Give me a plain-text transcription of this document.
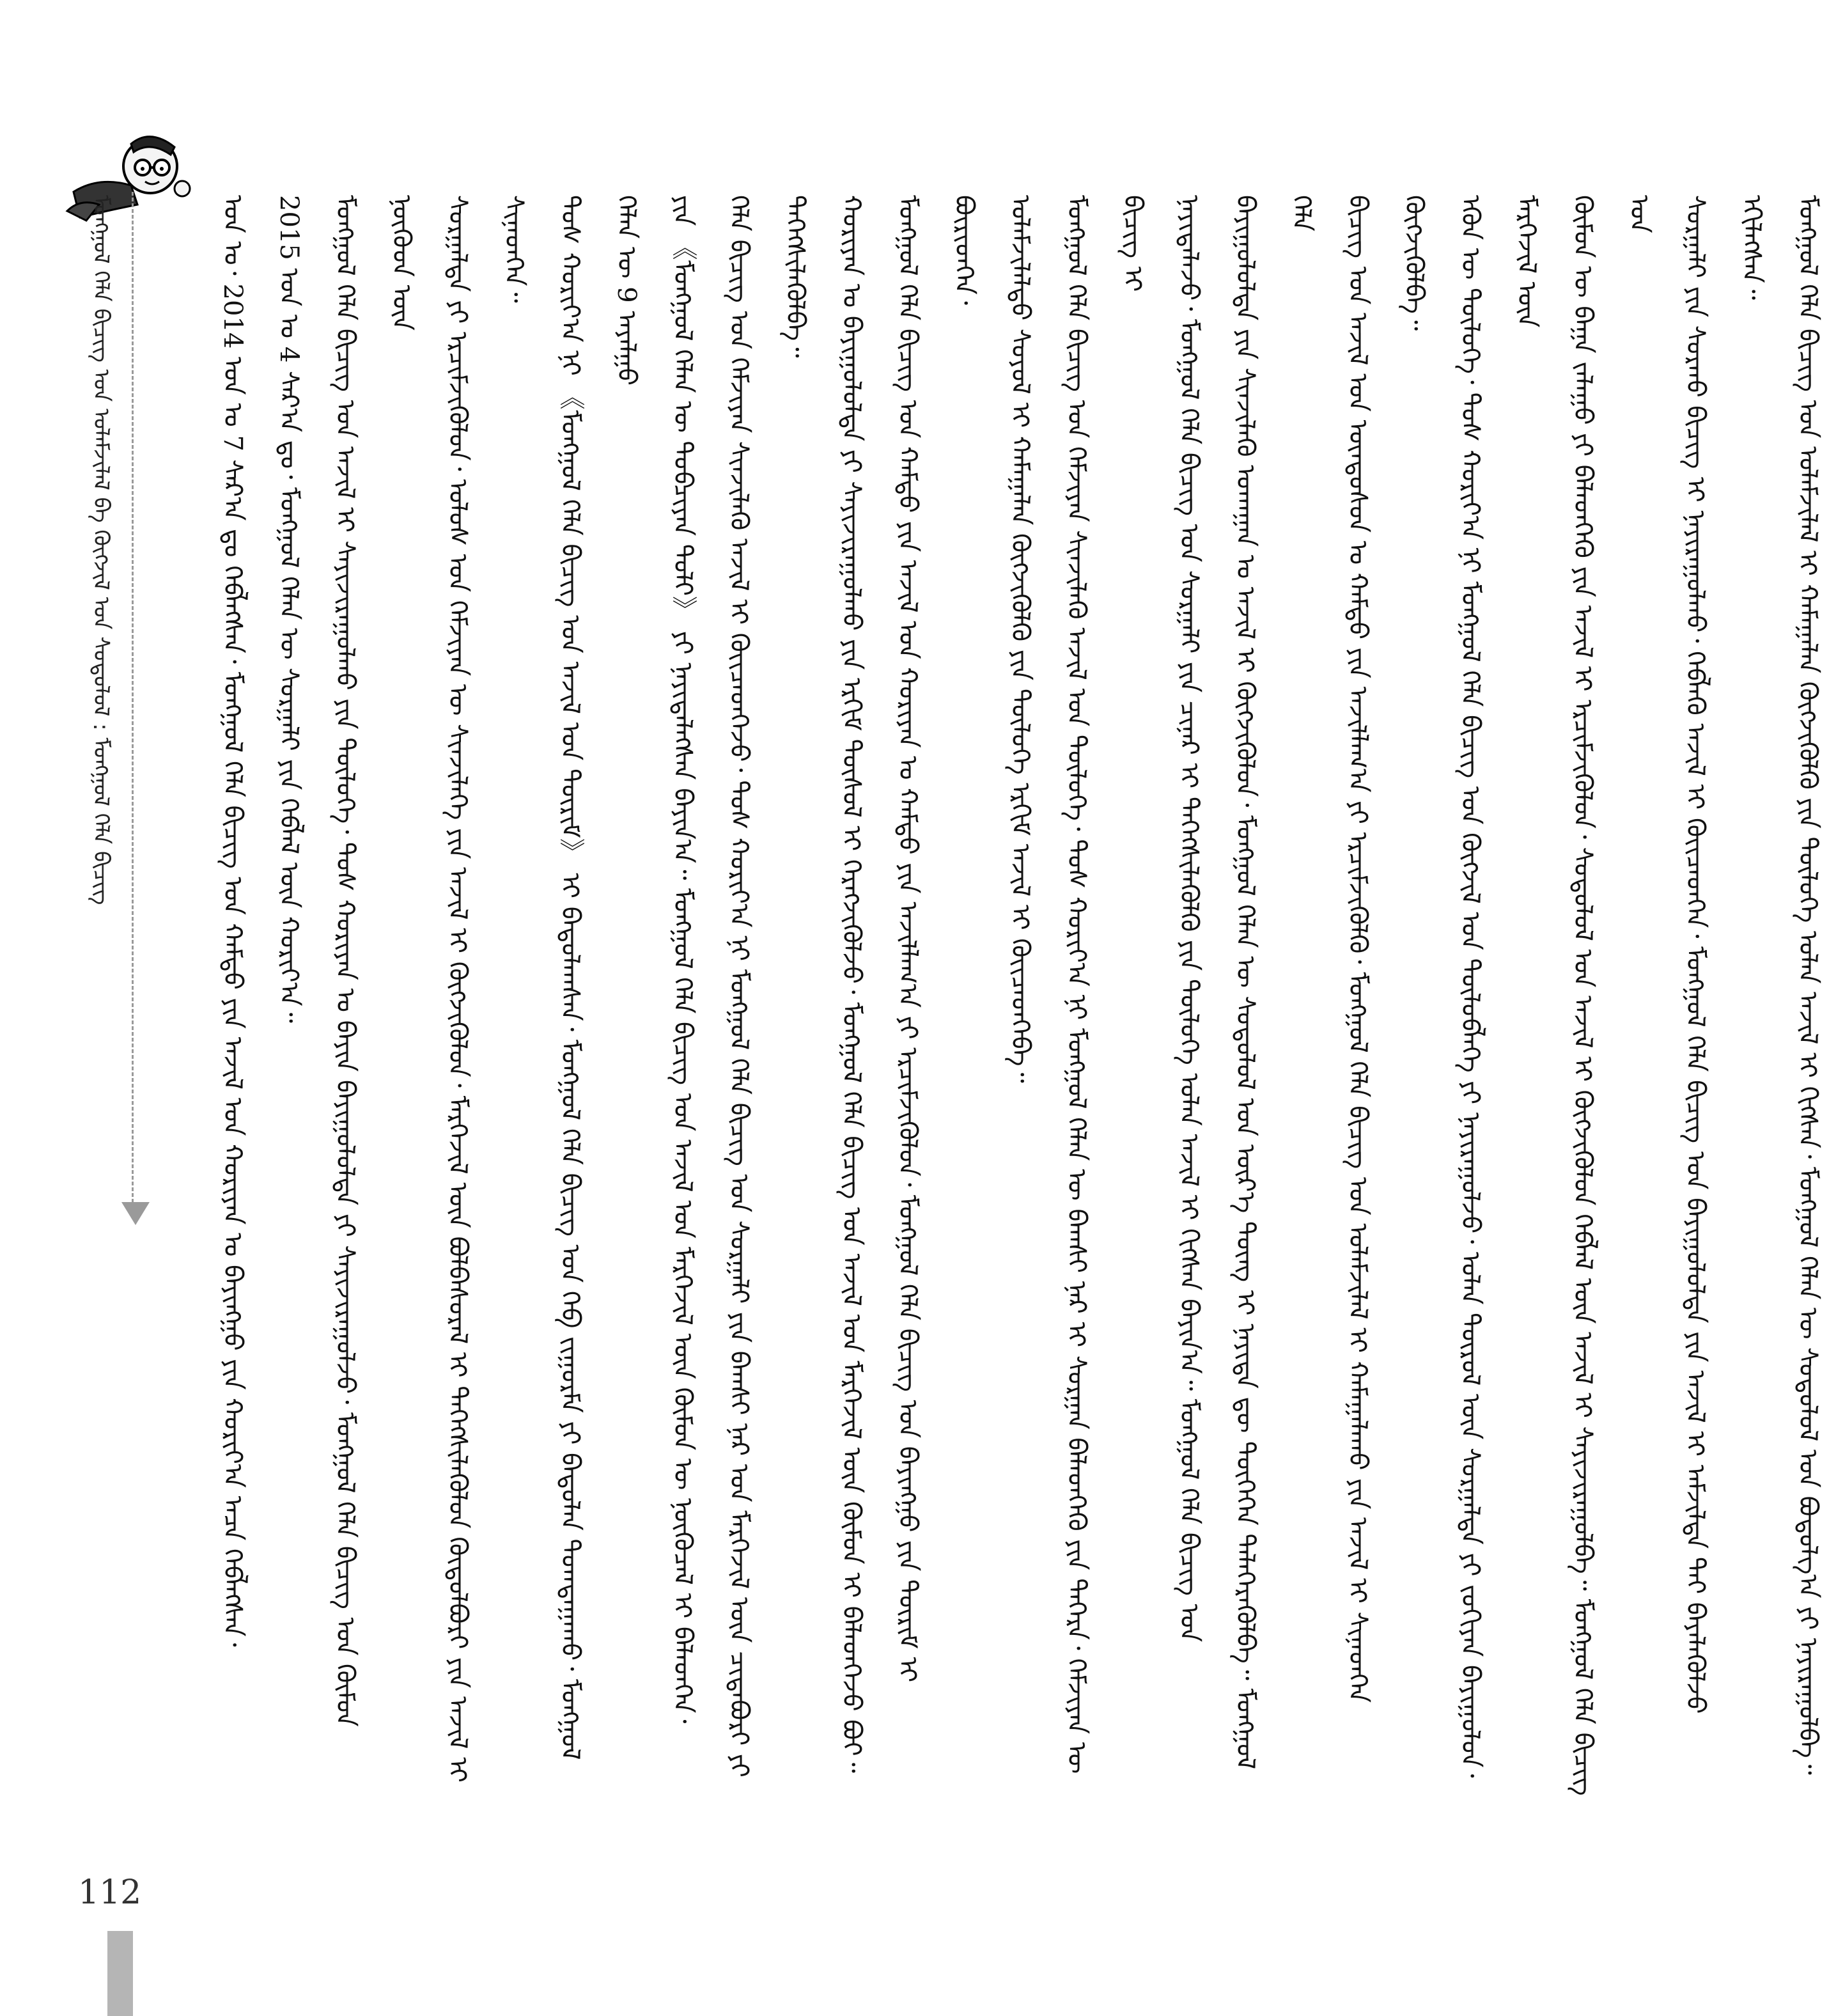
ᠮᠣᠩᠭᠣᠯ ᠬᠡᠯᠡ ᠪᠢᠴᠢᠭ ᠤᠨ ᠤᠯᠠᠮᠵᠢᠯᠠᠯ ᠪᠠ ᠬᠥᠭᠵᠢᠯ ᠤᠨ ᠰᠤᠳᠤᠯᠤᠯ : ᠮᠣᠩᠭᠣᠯ ᠬᠡᠯᠡ ᠪᠢᠴᠢᠭ	ᠣᠨ ᠤ᠂ 2014 ᠣᠨ ᠤ 7 ᠰᠠᠷ᠎ᠠ ᠳᠤ ᠬᠡᠪᠯᠡᠭᠰᠡᠨ᠂ ᠮᠣᠩᠭᠣᠯ ᠬᠡᠯᠡ ᠪᠢᠴᠢᠭ ᠤᠨ ᠬᠠᠮᠲᠤ ᠶᠢᠨ ᠠᠵᠢᠯ ᠤᠨ ᠬᠣᠷᠢᠶᠠᠨ ᠤ ᠪᠠᠶᠢᠩᠭᠤ ᠶᠢᠨ ᠬᠣᠷᠢᠶ᠎ᠠ ᠠᠴᠠ ᠬᠡᠪᠯᠡᠭᠰᠡᠨ᠂	2015 ᠣᠨ ᠤ 4 ᠰᠠᠷ᠎ᠠ ᠳᠤ᠂ ᠮᠣᠩᠭᠣᠯ ᠬᠡᠯᠡᠨ ᠦ ᠰᠤᠷᠭᠠᠯᠢ ᠶᠢᠨ ᠬᠡᠪᠯᠡᠯ ᠦᠨ ᠬᠣᠷᠢᠶ᠎ᠠ᠃	ᠮᠣᠩᠭᠣᠯ ᠬᠡᠯᠡ ᠪᠢᠴᠢᠭ ᠤᠨ ᠠᠵᠢᠯ ᠢ ᠰᠠᠶᠢᠵᠢᠷᠠᠭᠤᠯᠬᠤ ᠶᠢᠨ ᠲᠥᠯᠥᠭᠡ᠂ ᠲᠤᠰ ᠬᠣᠷᠢᠶᠠᠨ ᠤ ᠪᠠᠶᠢᠨ ᠪᠠᠶᠢᠭᠤᠯᠤᠯᠲᠠ ᠶᠢ ᠰᠠᠶᠢᠵᠢᠷᠠᠭᠤᠯᠵᠤ᠂ ᠮᠣᠩᠭᠣᠯ ᠬᠡᠯᠡ ᠪᠢᠴᠢᠭ ᠤᠨ ᠬᠦᠮᠦᠨ ᠨᠦᠭᠦᠳ ᠦᠨ	ᠰᠤᠷᠭᠠᠯᠲᠠ ᠶᠢ ᠡᠷᠴᠢᠮᠵᠢᠭᠦᠯᠦᠨ᠂ ᠤᠯᠤᠰ ᠤᠨ ᠬᠡᠮᠵᠢᠶᠡᠨ ᠦ ᠰᠢᠨᠵᠢᠯᠡᠭᠡ ᠶᠢᠨ ᠠᠵᠢᠯ ᠢ ᠬᠥᠭᠵᠢᠭᠦᠯᠦᠨ᠂ ᠮᠡᠷᠭᠡᠵᠢᠯ ᠦᠨ ᠪᠣᠯᠪᠠᠰᠤᠷᠠᠯ ᠢ ᠳᠡᠭᠡᠭᠰᠢᠯᠡᠭᠦᠯᠦᠨ ᠬᠥᠲᠥᠯᠪᠦᠷᠢ ᠶᠢᠨ ᠠᠵᠢᠯ ᠢ ᠰᠢᠨᠡᠳᠭᠡᠨ᠃	ᠲᠤᠰ ᠬᠣᠷᠢᠶ᠎ᠠ ᠨᠢ 《ᠮᠣᠩᠭᠣᠯ ᠬᠡᠯᠡ ᠪᠢᠴᠢᠭ ᠤᠨ ᠠᠵᠢᠯ ᠤᠨ ᠳᠦᠷᠢᠮ》 ᠢ ᠪᠠᠲᠤᠯᠠᠭᠰᠠᠨ᠂ ᠮᠣᠩᠭᠣᠯ ᠬᠡᠯᠡ ᠪᠢᠴᠢᠭ ᠤᠨ ᠬᠡᠪ ᠵᠢᠭᠤᠷᠮᠠ ᠶᠢ ᠪᠠᠳᠤᠯᠠᠨ ᠲᠣᠭᠲᠠᠭᠠᠬᠤ᠂ ᠮᠣᠩᠭᠣᠯ ᠬᠡᠯᠡᠨ ᠦ 9 ᠠᠶᠠᠯᠭᠤ	ᠶᠢᠨ 《ᠮᠣᠩᠭᠣᠯ ᠬᠡᠯᠡᠨ ᠦ ᠲᠣᠪᠴᠢᠶᠠᠨ ᠲᠣᠯᠢ》 ᠶᠢ ᠨᠡᠶᠢᠲᠡᠯᠡᠭᠰᠡᠨ ᠪᠠᠶᠢᠨ᠎ᠠ᠃ ᠮᠣᠩᠭᠣᠯ ᠬᠡᠯᠡ ᠪᠢᠴᠢᠭ ᠤᠨ ᠠᠵᠢᠯ ᠤᠨ ᠮᠡᠷᠭᠡᠵᠢᠯ ᠦᠨ ᠬᠦᠮᠦᠨ ᠦ ᠨᠥᠭᠦᠴᠡᠯ ᠢ ᠪᠡᠯᠡᠳᠬᠡᠨ᠂	ᠬᠡᠯᠡ ᠪᠢᠴᠢᠭ ᠤᠨ ᠬᠡᠮᠵᠢᠶᠡᠨ ᠰᠢᠨᠵᠢᠯᠡᠬᠦ ᠠᠵᠢᠯ ᠢ ᠭᠦᠢᠴᠡᠳᠭᠡᠵᠦ᠂ ᠲᠤᠰ ᠬᠣᠷᠢᠶ᠎ᠠ ᠨᠢ ᠮᠣᠩᠭᠣᠯ ᠬᠡᠯᠡ ᠪᠢᠴᠢᠭ ᠤᠨ ᠰᠤᠷᠭᠠᠯᠢ ᠶᠢᠨ ᠪᠠᠭᠰᠢ ᠨᠠᠷ ᠤᠨ ᠮᠡᠷᠭᠡᠵᠢᠯ ᠦᠨ ᠴᠢᠳᠠᠪᠤᠷᠢ ᠶᠢ ᠳᠡᠭᠡᠭᠰᠢᠯᠡᠭᠦᠯᠪᠡ᠃	ᠬᠣᠷᠢᠶᠠᠨ ᠤ ᠪᠠᠶᠢᠭᠤᠯᠤᠯᠲᠠ ᠶᠢ ᠰᠠᠶᠢᠵᠢᠷᠠᠭᠤᠯᠬᠤ ᠶᠢᠨ ᠡᠷᠬᠢᠮ ᠲᠥᠰᠥᠯ ᠢ ᠬᠡᠷᠡᠭᠵᠢᠭᠦᠯᠵᠦ᠂ ᠮᠣᠩᠭᠣᠯ ᠬᠡᠯᠡ ᠪᠢᠴᠢᠭ ᠤᠨ ᠠᠵᠢᠯ ᠤᠨ ᠮᠡᠷᠭᠡᠵᠢᠯ ᠦᠨ ᠬᠦᠮᠦᠨ ᠢ ᠪᠡᠯᠡᠳᠬᠡᠵᠦ ᠪᠤᠢ᠃	ᠮᠣᠩᠭᠣᠯ ᠬᠡᠯᠡ ᠪᠢᠴᠢᠭ ᠤᠨ ᠬᠠᠮᠲᠤ ᠶᠢᠨ ᠠᠵᠢᠯ ᠤᠨ ᠬᠣᠷᠢᠶᠠᠨ ᠤ ᠬᠠᠮᠲᠤ ᠶᠢᠨ ᠠᠵᠢᠯᠯᠠᠭ᠎ᠠ ᠶᠢ ᠡᠷᠴᠢᠮᠵᠢᠭᠦᠯᠦᠨ᠂ ᠮᠣᠩᠭᠣᠯ ᠬᠡᠯᠡ ᠪᠢᠴᠢᠭ ᠤᠨ ᠪᠠᠶᠢᠩᠭᠤ ᠶᠢᠨ ᠳᠦᠷᠢᠮ ᠢ ᠪᠦᠷᠢᠳᠭᠡᠨ᠂	ᠤᠯᠠᠮᠵᠢᠯᠠᠯᠲᠤ ᠰᠣᠶᠤᠯ ᠢ ᠬᠠᠮᠠᠭᠠᠯᠠᠨ ᠬᠥᠭᠵᠢᠭᠦᠯᠬᠦ ᠶᠢᠨ ᠲᠥᠯᠥᠭᠡ ᠡᠷᠬᠢᠮ ᠠᠵᠢᠯ ᠢ ᠭᠦᠢᠴᠡᠳᠭᠡᠪᠡ᠃	ᠮᠣᠩᠭᠣᠯ ᠬᠡᠯᠡ ᠪᠢᠴᠢᠭ ᠤᠨ ᠬᠡᠮᠵᠢᠶᠡᠨ ᠰᠢᠨᠵᠢᠯᠡᠬᠦ ᠠᠵᠢᠯ ᠤᠨ ᠲᠥᠯᠥᠭᠡ᠂ ᠲᠤᠰ ᠬᠣᠷᠢᠶ᠎ᠠ ᠨᠢ ᠮᠣᠩᠭᠣᠯ ᠬᠡᠯᠡᠨ ᠦ ᠪᠠᠭᠰᠢ ᠨᠠᠷ ᠢ ᠰᠤᠷᠭᠠᠨ ᠪᠡᠯᠡᠳᠬᠡᠬᠦ ᠶᠢᠨ ᠳᠡᠭᠡᠷᠡ᠂ ᠬᠡᠮᠵᠢᠶᠡᠨ ᠦ ᠪᠢᠴᠢᠭ ᠢ	ᠨᠡᠶᠢᠲᠡᠯᠡᠵᠦ᠂ ᠮᠣᠩᠭᠣᠯ ᠬᠡᠯᠡ ᠪᠢᠴᠢᠭ ᠤᠨ ᠰᠤᠷᠭᠠᠯᠢ ᠶᠢᠨ ᠴᠢᠨᠠᠷ ᠢ ᠳᠡᠭᠡᠭᠰᠢᠯᠡᠭᠦᠯᠬᠦ ᠶᠢᠨ ᠲᠥᠯᠥᠭᠡ ᠣᠯᠠᠨ ᠠᠵᠢᠯ ᠢ ᠬᠢᠭᠰᠡᠨ ᠪᠠᠶᠢᠨ᠎ᠠ᠃ ᠮᠣᠩᠭᠣᠯ ᠬᠡᠯᠡ ᠪᠢᠴᠢᠭ ᠤᠨ	ᠪᠠᠶᠢᠭᠤᠯᠤᠯᠲᠠ ᠶᠢᠨ ᠰᠢᠨᠵᠢᠯᠡᠬᠦ ᠤᠬᠠᠭᠠᠨ ᠤ ᠠᠵᠢᠯ ᠢ ᠬᠥᠭᠵᠢᠭᠦᠯᠦᠨ᠂ ᠮᠣᠩᠭᠣᠯ ᠬᠡᠯᠡᠨ ᠦ ᠰᠤᠳᠤᠯᠤᠯ ᠤᠨ ᠦᠷ᠎ᠡ ᠳᠦᠩ ᠢ ᠨᠡᠶᠢᠲᠡ ᠳᠦ ᠲᠦᠭᠡᠭᠡᠨ ᠳᠡᠯᠡᠭᠡᠷᠡᠭᠦᠯᠪᠡ᠃ ᠮᠣᠩᠭᠣᠯ ᠬᠡᠯᠡ	ᠪᠢᠴᠢᠭ ᠤᠨ ᠠᠵᠢᠯ ᠤᠨ ᠦᠨᠳᠦᠰᠦᠨ ᠤ ᠬᠠᠮᠲᠤ ᠶᠢᠨ ᠠᠵᠢᠯᠯᠠᠭ᠎ᠠ ᠶᠢ ᠡᠷᠴᠢᠮᠵᠢᠭᠦᠯᠬᠦ᠂ ᠮᠣᠩᠭᠣᠯ ᠬᠡᠯᠡ ᠪᠢᠴᠢᠭ ᠤᠨ ᠤᠯᠠᠮᠵᠢᠯᠠᠯ ᠢ ᠬᠠᠮᠠᠭᠠᠯᠠᠬᠤ ᠶᠢᠨ ᠠᠵᠢᠯ ᠢ ᠰᠢᠨᠡᠳᠭᠡᠨ ᠬᠥᠭᠵᠢᠭᠦᠯᠪᠡ᠃	ᠡᠭᠦᠨ ᠦ ᠲᠥᠯᠥᠭᠡ᠂ ᠲᠤᠰ ᠬᠣᠷᠢᠶ᠎ᠠ ᠨᠢ ᠮᠣᠩᠭᠣᠯ ᠬᠡᠯᠡ ᠪᠢᠴᠢᠭ ᠤᠨ ᠬᠥᠭᠵᠢᠯ ᠤᠨ ᠲᠥᠯᠥᠪᠯᠡᠭᠡ ᠶᠢ ᠨᠠᠶᠢᠷᠠᠭᠤᠯᠵᠤ᠂ ᠣᠯᠠᠨ ᠲᠥᠷᠦᠯ ᠦᠨ ᠰᠤᠷᠭᠠᠯᠲᠠ ᠶᠢ ᠵᠣᠬᠢᠶᠠᠨ ᠪᠠᠶᠢᠭᠤᠯᠤᠨ᠂ ᠮᠡᠷᠭᠡᠵᠢᠯ ᠦᠨ	ᠬᠦᠮᠦᠨ ᠦ ᠪᠠᠭᠠ ᠵᠠᠯᠠᠭᠤ ᠶᠢ ᠪᠡᠯᠡᠳᠬᠡᠬᠦ ᠶᠢᠨ ᠠᠵᠢᠯ ᠢ ᠡᠷᠴᠢᠮᠵᠢᠭᠦᠯᠦᠨ᠂ ᠰᠤᠳᠤᠯᠤᠯ ᠤᠨ ᠠᠵᠢᠯ ᠢ ᠬᠥᠭᠵᠢᠭᠦᠯᠦᠨ ᠬᠡᠪᠯᠡᠯ ᠦᠨ ᠠᠵᠢᠯ ᠢ ᠰᠠᠶᠢᠵᠢᠷᠠᠭᠤᠯᠪᠠ᠃ ᠮᠣᠩᠭᠣᠯ ᠬᠡᠯᠡ ᠪᠢᠴᠢᠭ ᠤᠨ	ᠰᠤᠷᠭᠠᠯᠢ ᠶᠢᠨ ᠰᠤᠷᠬᠤ ᠪᠢᠴᠢᠭ ᠢ ᠨᠠᠶᠢᠷᠠᠭᠤᠯᠬᠤ᠂ ᠬᠡᠪᠯᠡᠬᠦ ᠠᠵᠢᠯ ᠢ ᠭᠦᠢᠴᠡᠳᠭᠡᠨ᠂ ᠮᠣᠩᠭᠣᠯ ᠬᠡᠯᠡ ᠪᠢᠴᠢᠭ ᠤᠨ ᠪᠠᠶᠢᠭᠤᠯᠤᠯᠲᠠ ᠶᠢᠨ ᠠᠵᠢᠯ ᠢ ᠠᠮᠵᠢᠯᠲᠠ ᠲᠠᠶ ᠪᠡᠶᠡᠯᠡᠭᠦᠯᠵᠦ ᠡᠬᠢᠯᠡᠭᠰᠡᠨ᠃	ᠮᠣᠩᠭᠣᠯ ᠬᠡᠯᠡ ᠪᠢᠴᠢᠭ ᠤᠨ ᠤᠯᠠᠮᠵᠢᠯᠠᠯ ᠢ ᠬᠠᠮᠠᠭᠠᠯᠠᠨ ᠬᠥᠭᠵᠢᠭᠦᠯᠬᠦ ᠶᠢᠨ ᠲᠥᠯᠥᠭᠡ ᠣᠯᠠᠨ ᠠᠵᠢᠯ ᠢ ᠬᠢᠭᠰᠡᠨ᠂ ᠮᠣᠩᠭᠣᠯ ᠬᠡᠯᠡᠨ ᠦ ᠰᠤᠳᠤᠯᠤᠯ ᠤᠨ ᠪᠣᠳᠣᠯᠭ᠎ᠠ ᠶᠢ ᠨᠠᠶᠢᠷᠠᠭᠤᠯᠪᠠ᠃
112
